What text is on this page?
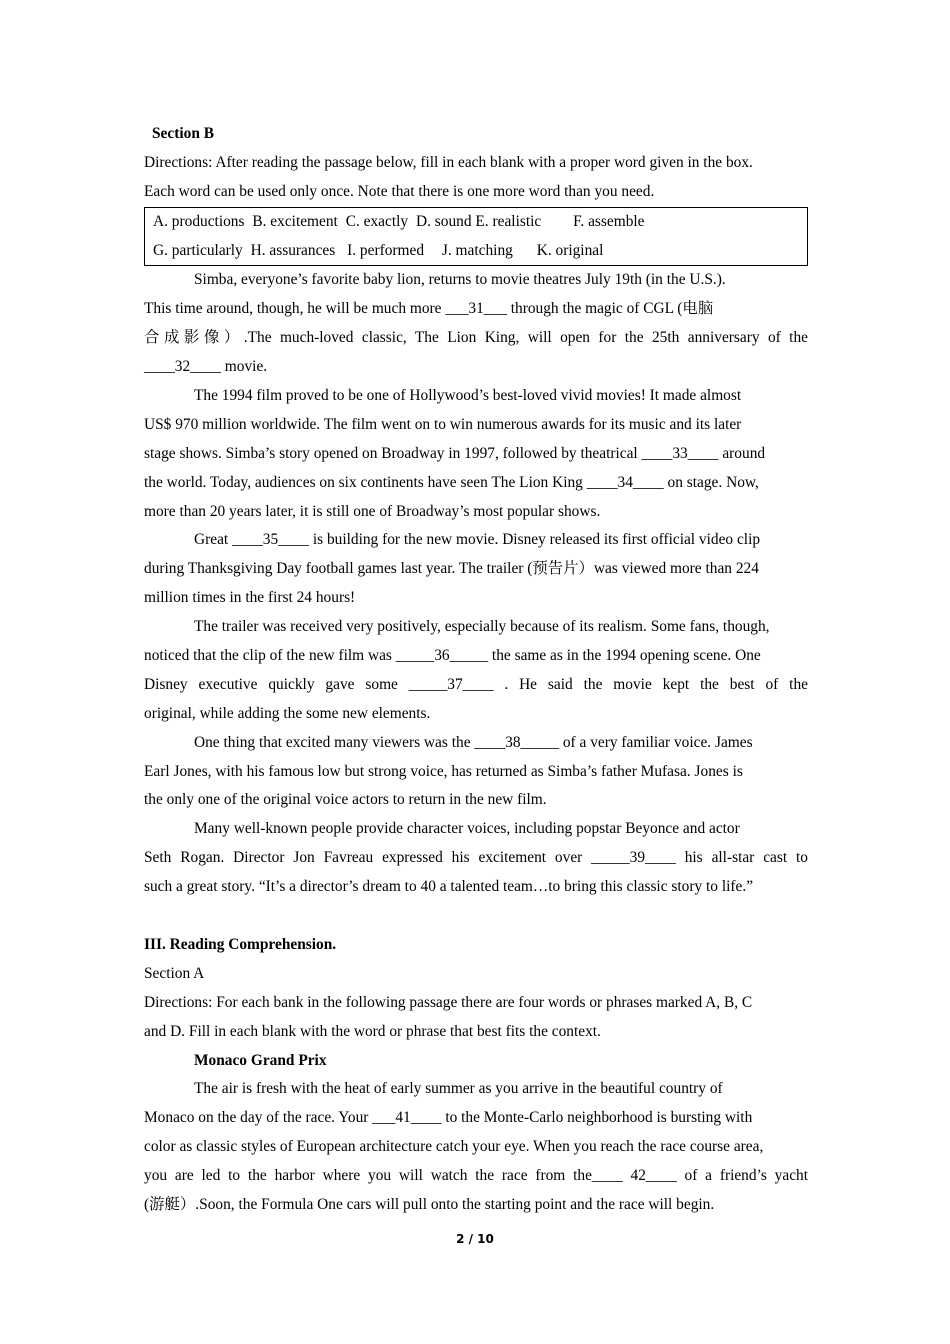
Section B
Directions: After reading the passage below, fill in each blank with a proper word given in the box.
Each word can be used only once. Note that there is one more word than you need.
A. productions B. excitement C. exactly D. sound E. realistic F. assemble
G. particularly H. assurances I. performed J. matching K. original
Simba, everyone’s favorite baby lion, returns to movie theatres July 19th (in the U.S.).
This time around, though, he will be much more ___31___ through the magic of CGL (电脑
合成影像）.The much-loved classic, The Lion King, will open for the 25th anniversary of the
____32____ movie.
The 1994 film proved to be one of Hollywood’s best-loved vivid movies! It made almost
US$ 970 million worldwide. The film went on to win numerous awards for its music and its later
stage shows. Simba’s story opened on Broadway in 1997, followed by theatrical ____33____ around
the world. Today, audiences on six continents have seen The Lion King ____34____ on stage. Now,
more than 20 years later, it is still one of Broadway’s most popular shows.
Great ____35____ is building for the new movie. Disney released its first official video clip
during Thanksgiving Day football games last year. The trailer (预告片）was viewed more than 224
million times in the first 24 hours!
The trailer was received very positively, especially because of its realism. Some fans, though,
noticed that the clip of the new film was _____36_____ the same as in the 1994 opening scene. One
Disney executive quickly gave some _____37____ . He said the movie kept the best of the
original, while adding the some new elements.
One thing that excited many viewers was the ____38_____ of a very familiar voice. James
Earl Jones, with his famous low but strong voice, has returned as Simba’s father Mufasa. Jones is
the only one of the original voice actors to return in the new film.
Many well-known people provide character voices, including popstar Beyonce and actor
Seth Rogan. Director Jon Favreau expressed his excitement over _____39____ his all-star cast to
such a great story. “It’s a director’s dream to 40 a talented team…to bring this classic story to life.”
III. Reading Comprehension.
Section A
Directions: For each bank in the following passage there are four words or phrases marked A, B, C
and D. Fill in each blank with the word or phrase that best fits the context.
Monaco Grand Prix
The air is fresh with the heat of early summer as you arrive in the beautiful country of
Monaco on the day of the race. Your ___41____ to the Monte-Carlo neighborhood is bursting with
color as classic styles of European architecture catch your eye. When you reach the race course area,
you are led to the harbor where you will watch the race from the____ 42____ of a friend’s yacht
(游艇）.Soon, the Formula One cars will pull onto the starting point and the race will begin.
2 / 10
